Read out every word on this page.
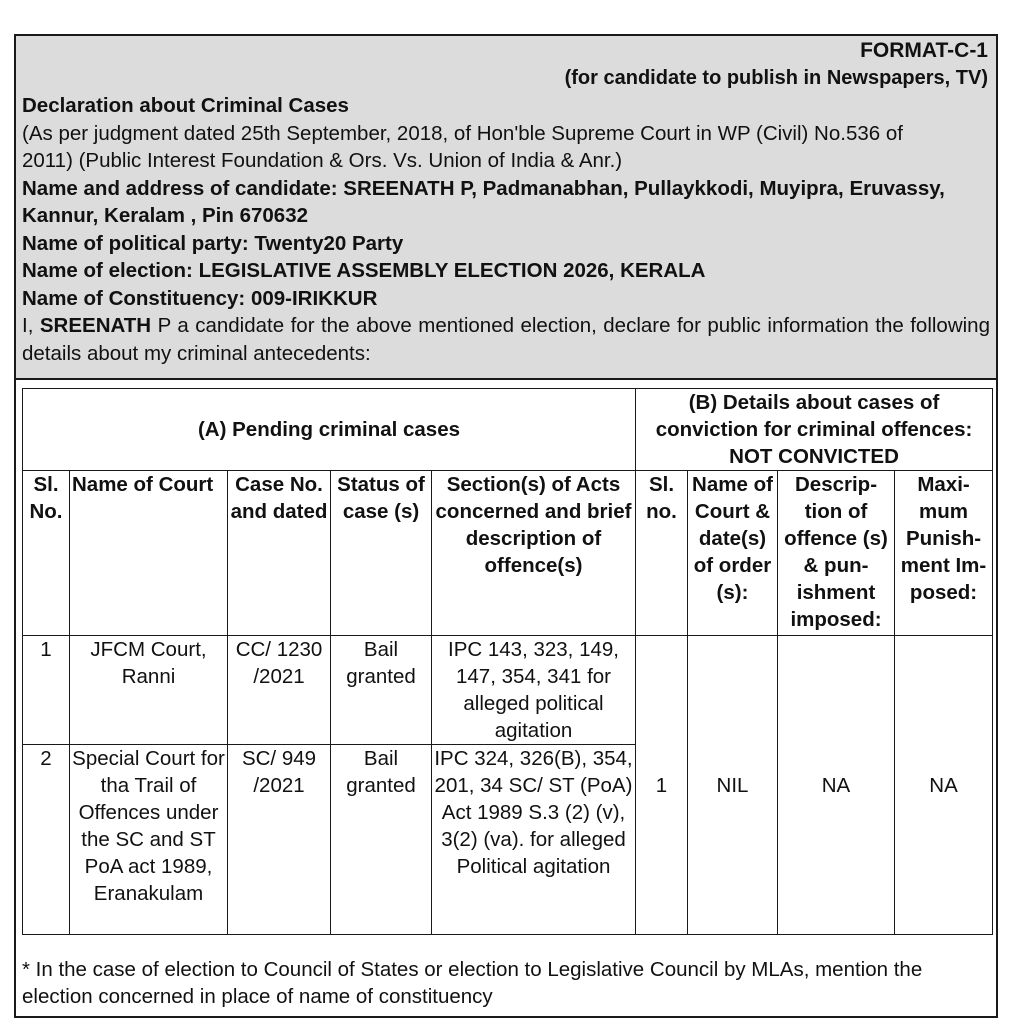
FORMAT-C-1
(for candidate to publish in Newspapers, TV)
Declaration about Criminal Cases
(As per judgment dated 25th September, 2018, of Hon'ble Supreme Court in WP (Civil) No.536 of
2011) (Public Interest Foundation & Ors. Vs. Union of India & Anr.)
Name and address of candidate: SREENATH P, Padmanabhan, Pullaykkodi, Muyipra, Eruvassy,
Kannur, Keralam , Pin 670632
Name of political party: Twenty20 Party
Name of election: LEGISLATIVE ASSEMBLY ELECTION 2026, KERALA
Name of Constituency: 009-IRIKKUR
I, SREENATH P a candidate for the above mentioned election, declare for public information the following details about my criminal antecedents:
(A) Pending criminal cases					(B) Details about cases of
conviction for criminal offences:
NOT CONVICTED			

Sl. No.	Name of Court	Case No. and dated	Status of case (s)	Section(s) of Acts concerned and brief description of offence(s)	Sl. no.	Name of Court & date(s) of order (s):	Descrip-tion of offence (s) & pun-ishment imposed:	Maxi-mum Punish-ment Im-posed:
1	JFCM Court, Ranni	CC/ 1230 /2021	Bail granted	IPC 143, 323, 149, 147, 354, 341 for alleged political agitation	1	NIL	NA	NA
2	Special Court for tha Trail of Offences under the SC and ST PoA act 1989, Eranakulam	SC/ 949 /2021	Bail granted	IPC 324, 326(B), 354, 201, 34 SC/ ST (PoA) Act 1989 S.3 (2) (v), 3(2) (va). for alleged Political agitation				
* In the case of election to Council of States or election to Legislative Council by MLAs, mention the election concerned in place of name of constituency
